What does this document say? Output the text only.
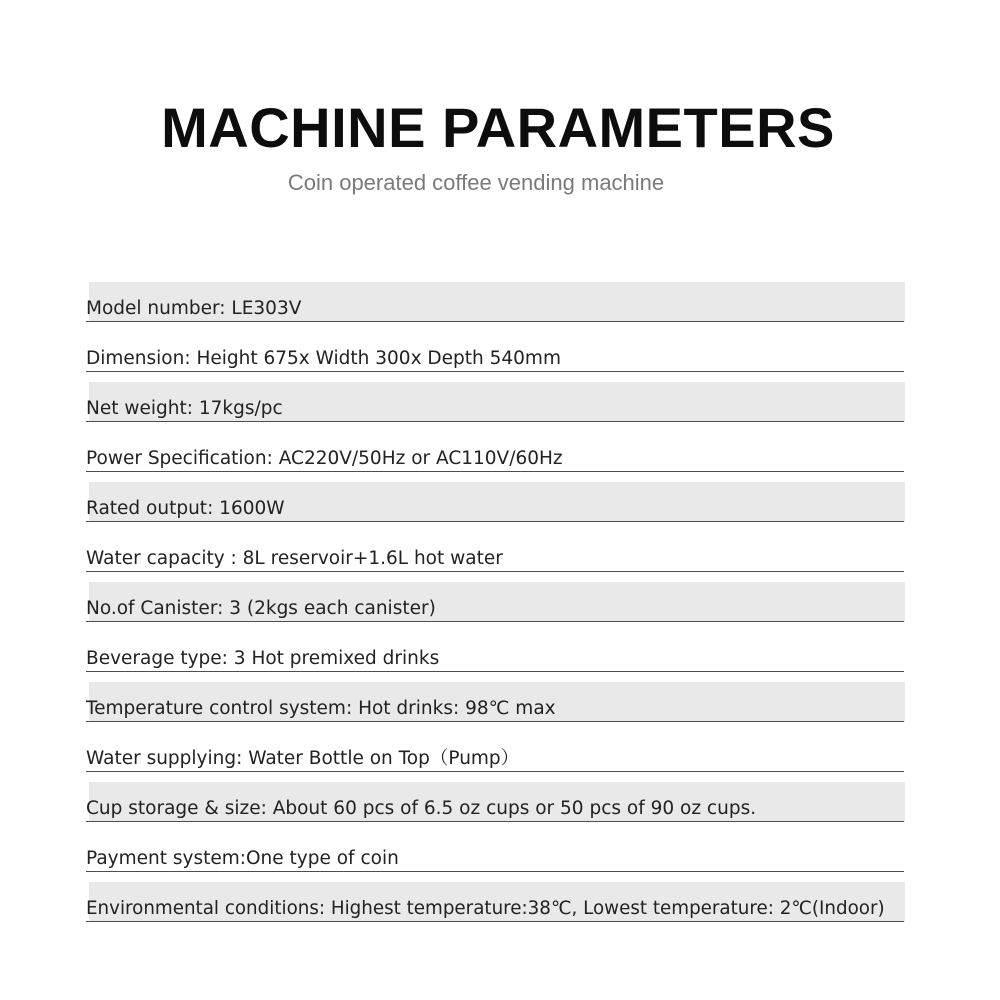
MACHINE PARAMETERS
Coin operated coffee vending machine
Model number: LE303V
Dimension: Height 675x Width 300x Depth 540mm
Net weight: 17kgs/pc
Power Specification: AC220V/50Hz or AC110V/60Hz
Rated output: 1600W
Water capacity : 8L reservoir+1.6L hot water
No.of Canister: 3 (2kgs each canister)
Beverage type: 3 Hot premixed drinks
Temperature control system: Hot drinks: 98℃ max
Water supplying: Water Bottle on Top（Pump）
Cup storage & size: About 60 pcs of 6.5 oz cups or 50 pcs of 90 oz cups.
Payment system:One type of coin
Environmental conditions: Highest temperature:38℃, Lowest temperature: 2℃(Indoor)
